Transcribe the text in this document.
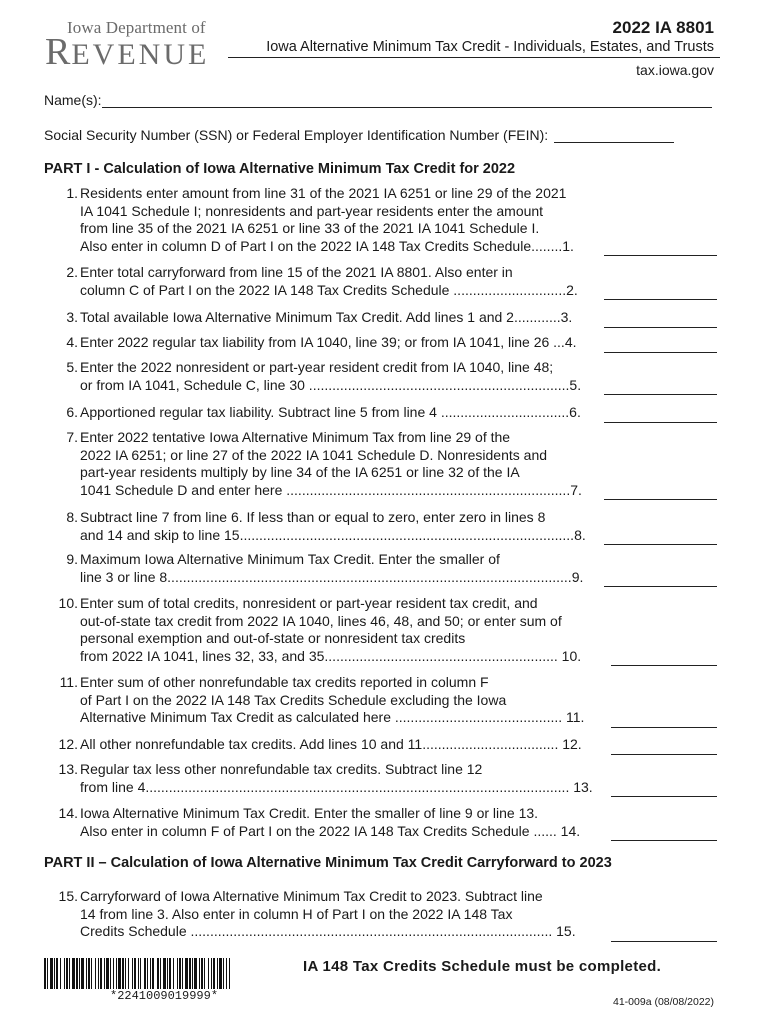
Iowa Department of
REVENUE
2022 IA 8801
Iowa Alternative Minimum Tax Credit - Individuals, Estates, and Trusts
tax.iowa.gov
Name(s):
Social Security Number (SSN) or Federal Employer Identification Number (FEIN):
PART I - Calculation of Iowa Alternative Minimum Tax Credit for 2022
1. Residents enter amount from line 31 of the 2021 IA 6251 or line 29 of the 2021
IA 1041 Schedule I; nonresidents and part-year residents enter the amount
from line 35 of the 2021 IA 6251 or line 33 of the 2021 IA 1041 Schedule I.
Also enter in column D of Part I on the 2022 IA 148 Tax Credits Schedule........1.
2. Enter total carryforward from line 15 of the 2021 IA 8801. Also enter in
column C of Part I on the 2022 IA 148 Tax Credits Schedule .............................2.
3. Total available Iowa Alternative Minimum Tax Credit. Add lines 1 and 2............3.
4. Enter 2022 regular tax liability from IA 1040, line 39; or from IA 1041, line 26 ...4.
5. Enter the 2022 nonresident or part-year resident credit from IA 1040, line 48;
or from IA 1041, Schedule C, line 30 ...................................................................5.
6. Apportioned regular tax liability. Subtract line 5 from line 4 .................................6.
7. Enter 2022 tentative Iowa Alternative Minimum Tax from line 29 of the
2022 IA 6251; or line 27 of the 2022 IA 1041 Schedule D. Nonresidents and
part-year residents multiply by line 34 of the IA 6251 or line 32 of the IA
1041 Schedule D and enter here .........................................................................7.
8. Subtract line 7 from line 6. If less than or equal to zero, enter zero in lines 8
and 14 and skip to line 15......................................................................................8.
9. Maximum Iowa Alternative Minimum Tax Credit. Enter the smaller of
line 3 or line 8........................................................................................................9.
10. Enter sum of total credits, nonresident or part-year resident tax credit, and
out-of-state tax credit from 2022 IA 1040, lines 46, 48, and 50; or enter sum of
personal exemption and out-of-state or nonresident tax credits
from 2022 IA 1041, lines 32, 33, and 35............................................................ 10.
11. Enter sum of other nonrefundable tax credits reported in column F
of Part I on the 2022 IA 148 Tax Credits Schedule excluding the Iowa
Alternative Minimum Tax Credit as calculated here ........................................... 11.
12. All other nonrefundable tax credits. Add lines 10 and 11................................... 12.
13. Regular tax less other nonrefundable tax credits. Subtract line 12
from line 4............................................................................................................. 13.
14. Iowa Alternative Minimum Tax Credit. Enter the smaller of line 9 or line 13.
Also enter in column F of Part I on the 2022 IA 148 Tax Credits Schedule ...... 14.
PART II – Calculation of Iowa Alternative Minimum Tax Credit Carryforward to 2023
15. Carryforward of Iowa Alternative Minimum Tax Credit to 2023. Subtract line
14 from line 3. Also enter in column H of Part I on the 2022 IA 148 Tax
Credits Schedule ............................................................................................. 15.
*2241009019999*
IA 148 Tax Credits Schedule must be completed.
41-009a (08/08/2022)
